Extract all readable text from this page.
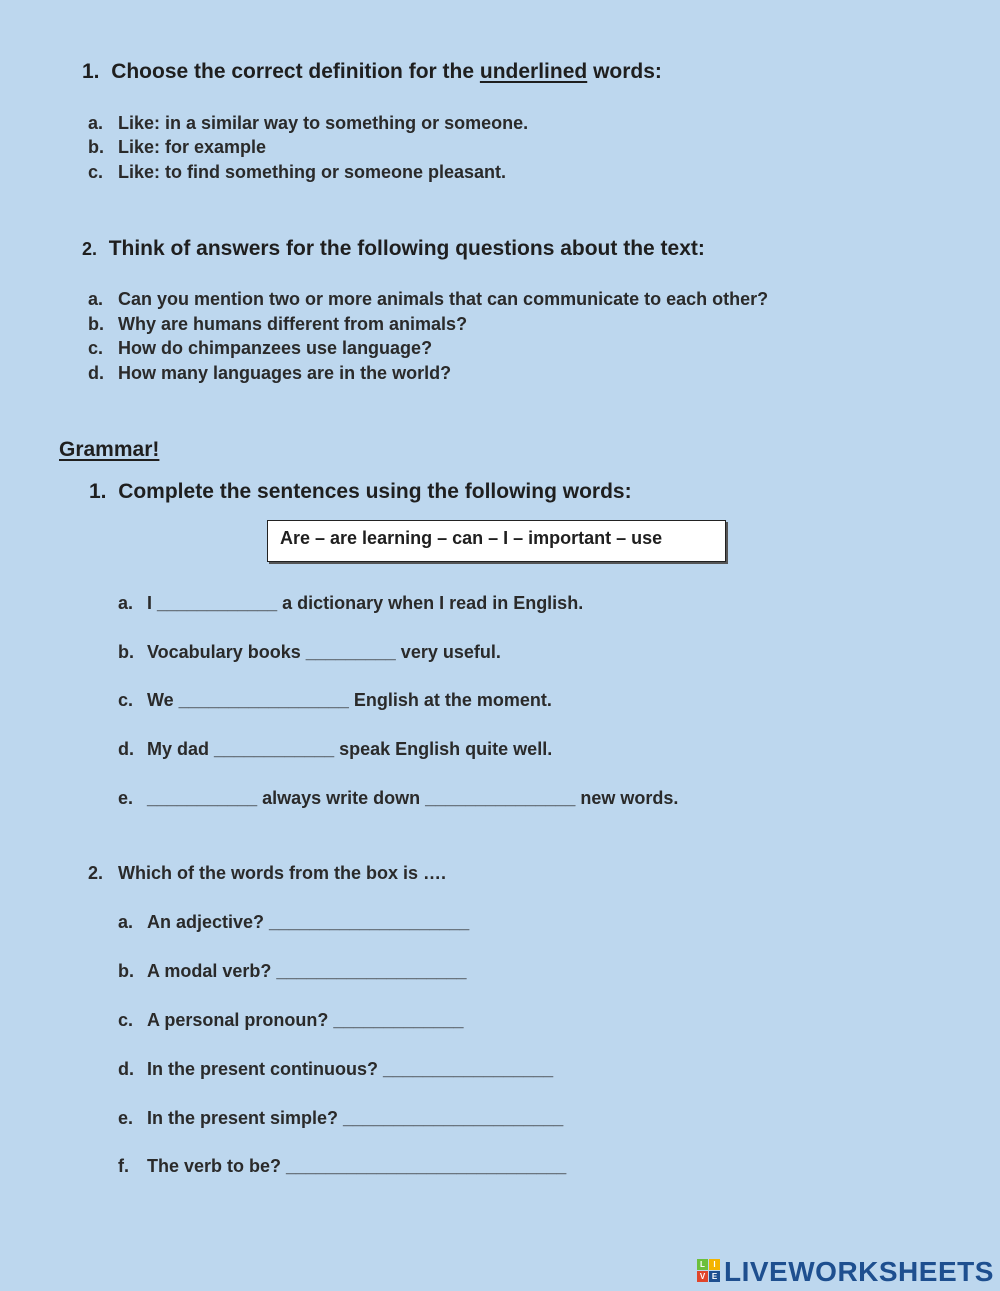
1. Choose the correct definition for the underlined words:
a. Like: in a similar way to something or someone.
b. Like: for example
c. Like: to find something or someone pleasant.
2. Think of answers for the following questions about the text:
a. Can you mention two or more animals that can communicate to each other?
b. Why are humans different from animals?
c. How do chimpanzees use language?
d. How many languages are in the world?
Grammar!
1. Complete the sentences using the following words:
Are – are learning – can – I – important – use
a. I ____________ a dictionary when I read in English.
b. Vocabulary books _________ very useful.
c. We _________________ English at the moment.
d. My dad ____________ speak English quite well.
e. ___________ always write down _______________ new words.
2. Which of the words from the box is ….
a. An adjective? ____________________
b. A modal verb? ___________________
c. A personal pronoun? _____________
d. In the present continuous? _________________
e. In the present simple? ______________________
f. The verb to be? ____________________________
L	I
V E LIVEWORKSHEETS
